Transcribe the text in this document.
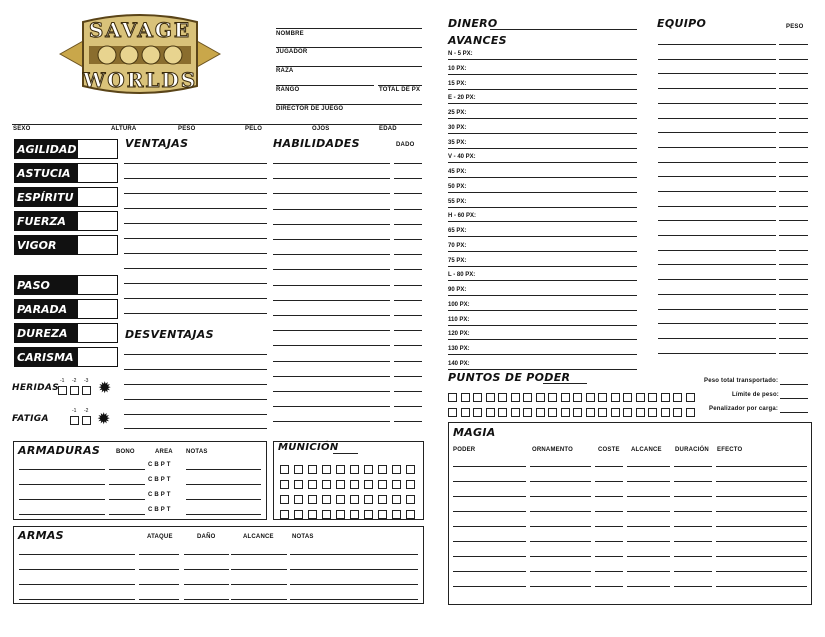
SAVAGE
WORLDS
NOMBRE
JUGADOR
RAZA
RANGO	TOTAL DE PX
DIRECTOR DE JUEGO
SEXO	ALTURA	PESO	PELO	OJOS	EDAD
AGILIDAD
ASTUCIA
ESPÍRITU
FUERZA
VIGOR
PASO
PARADA
DUREZA
CARISMA
HERIDAS
-1 -2 -3 ✹
FATIGA
-1 -2 ✹
VENTAJAS
DESVENTAJAS
HABILIDADES	DADO
DINERO
AVANCES
EQUIPO	PESO
PUNTOS DE PODER	Peso total transportado:
Límite de peso:
Penalizador por carga:
MAGIA
PODER	ORNAMENTO	COSTE ALCANCE DURACIÓN EFECTO
ARMADURAS	BONO	AREA NOTAS	MUNICIÓN
ARMAS	ATAQUE	DAÑO	ALCANCE	NOTAS
N - 5 PX:
10 PX:
15 PX:
E - 20 PX:
25 PX:
30 PX:
35 PX:
V - 40 PX:
45 PX:
50 PX:
55 PX:
H - 60 PX:
65 PX:
70 PX:
75 PX:
L - 80 PX:
90 PX:
100 PX:
110 PX:
120 PX:
130 PX:
140 PX:
C B P T
C B P T
C B P T
C B P T
